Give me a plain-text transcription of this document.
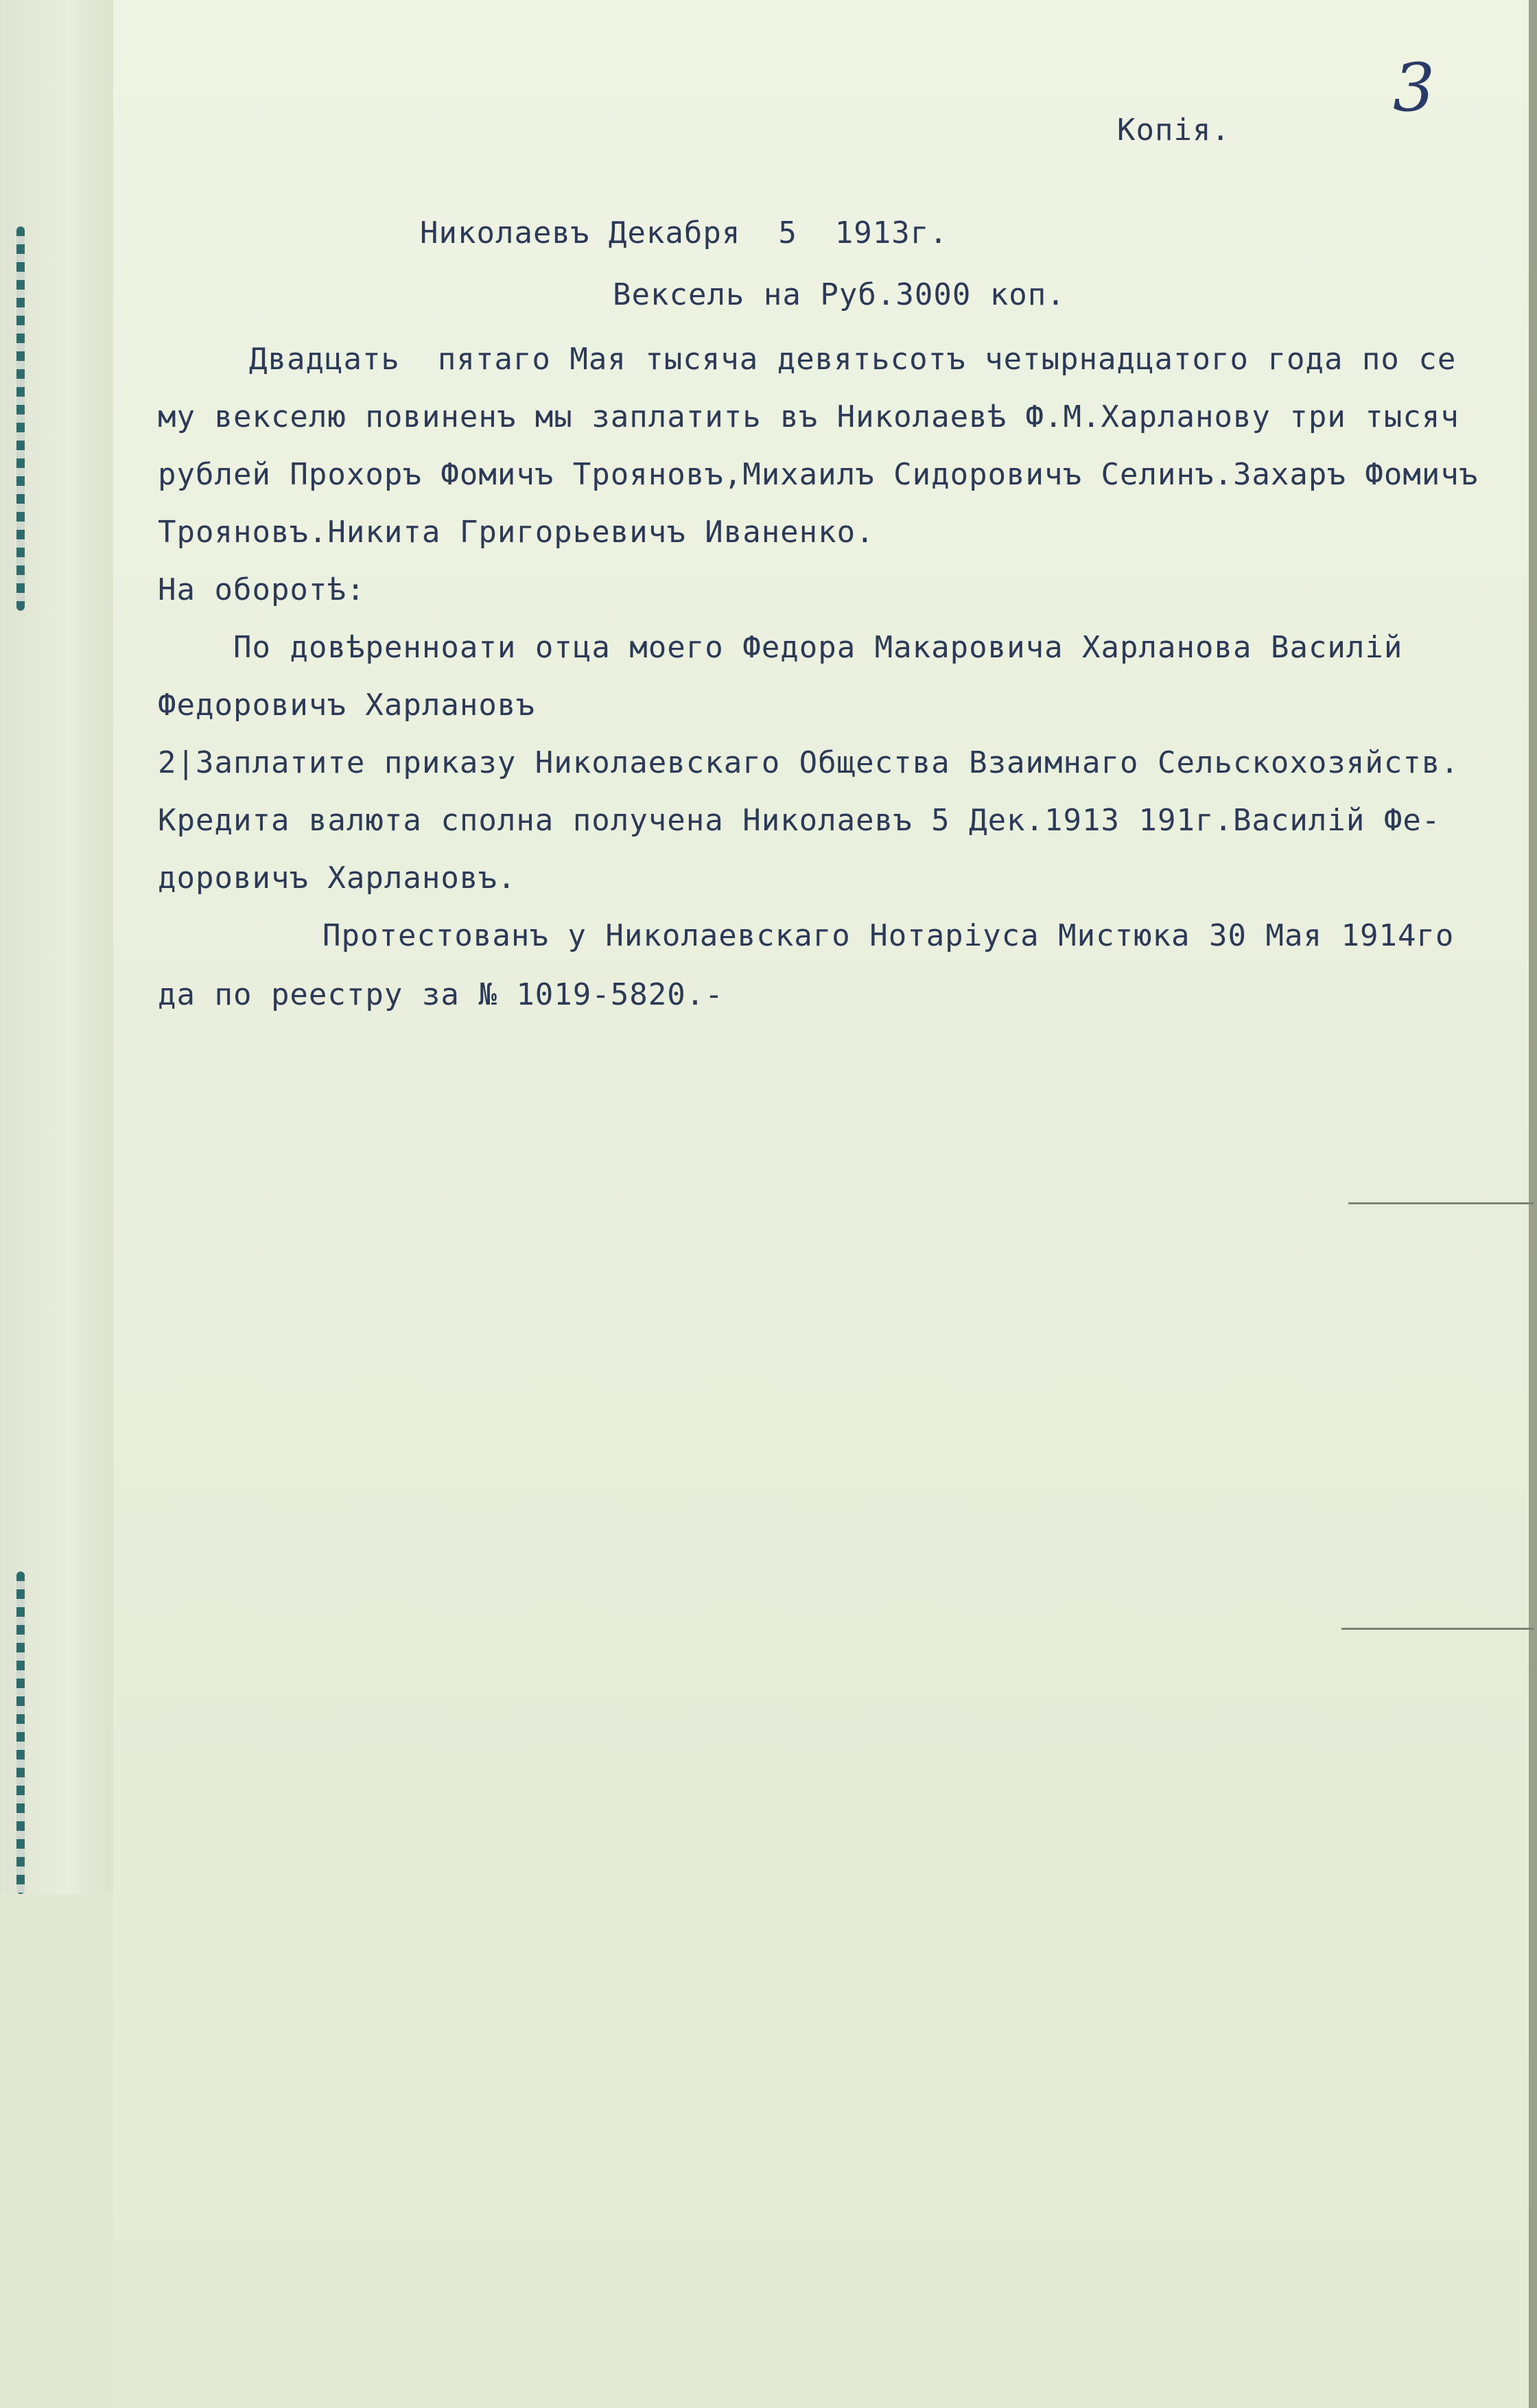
3
Копія.
Николаевъ Декабря  5  1913г.
Вексель на Руб.3000 коп.
Двадцать  пятаго Мая тысяча девятьсотъ четырнадцатого года по се
му векселю повиненъ мы заплатить въ Николаевѣ Ф.М.Харланову три тысяч
рублей Прохоръ Фомичъ Трояновъ,Михаилъ Сидоровичъ Селинъ.Захаръ Фомичъ
Трояновъ.Никита Григорьевичъ Иваненко.
На оборотѣ:
По довѣренноати отца моего Федора Макаровича Харланова Василій
Федоровичъ Харлановъ
2|Заплатите приказу Николаевскаго Общества Взаимнаго Сельскохозяйств.
Кредита валюта сполна получена Николаевъ 5 Дек.1913 191г.Василій Фе-
доровичъ Харлановъ.
Протестованъ у Николаевскаго Нотаріуса Мистюка 30 Мая 1914го
да по реестру за № 1019-5820.-
